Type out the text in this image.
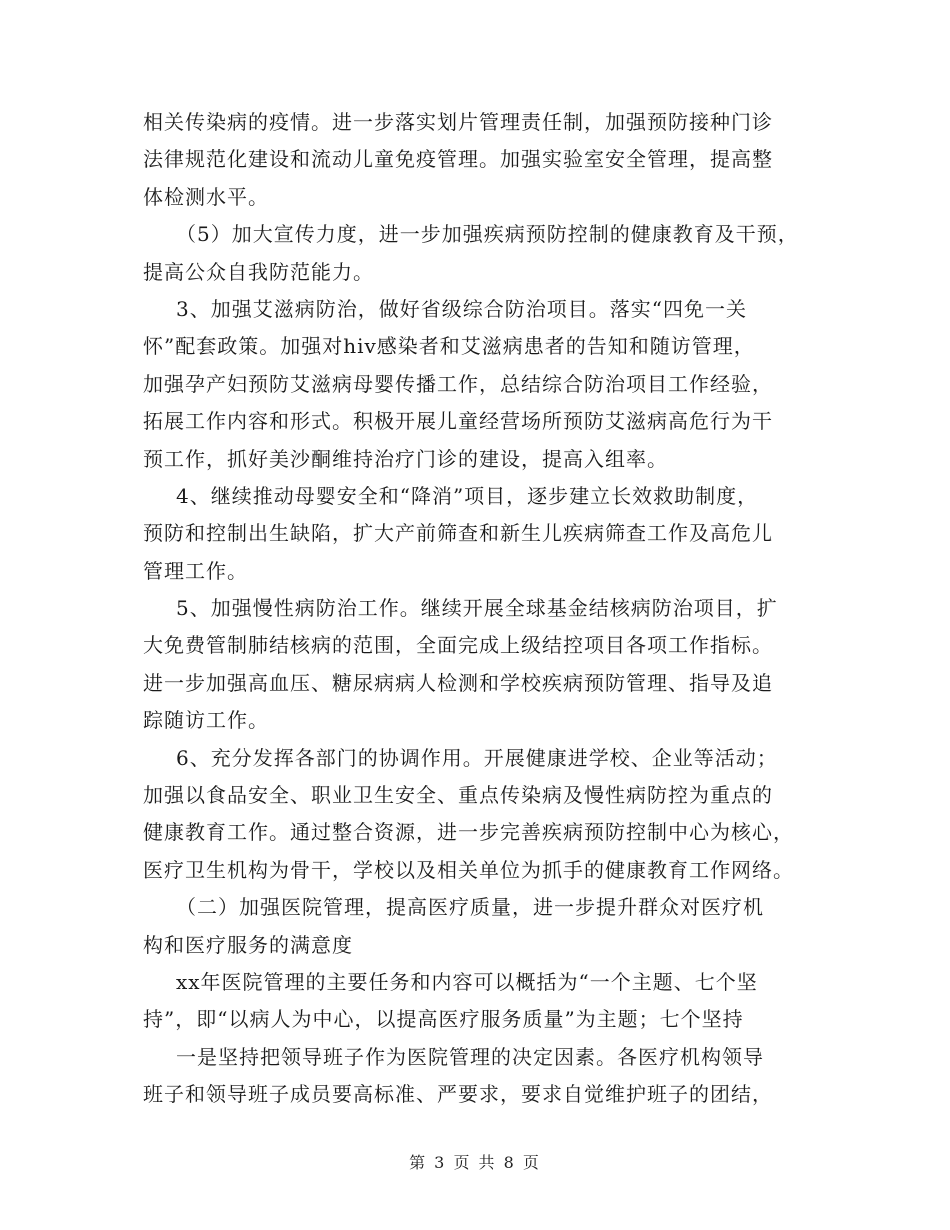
相关传染病的疫情。进一步落实划片管理责任制，加强预防接种门诊
法律规范化建设和流动儿童免疫管理。加强实验室安全管理，提高整
体检测水平。
（5）加大宣传力度，进一步加强疾病预防控制的健康教育及干预，
提高公众自我防范能力。
3、加强艾滋病防治，做好省级综合防治项目。落实“四免一关
怀”配套政策。加强对hiv感染者和艾滋病患者的告知和随访管理，
加强孕产妇预防艾滋病母婴传播工作，总结综合防治项目工作经验，
拓展工作内容和形式。积极开展儿童经营场所预防艾滋病高危行为干
预工作，抓好美沙酮维持治疗门诊的建设，提高入组率。
4、继续推动母婴安全和“降消”项目，逐步建立长效救助制度，
预防和控制出生缺陷，扩大产前筛查和新生儿疾病筛查工作及高危儿
管理工作。
5、加强慢性病防治工作。继续开展全球基金结核病防治项目，扩
大免费管制肺结核病的范围，全面完成上级结控项目各项工作指标。
进一步加强高血压、糖尿病病人检测和学校疾病预防管理、指导及追
踪随访工作。
6、充分发挥各部门的协调作用。开展健康进学校、企业等活动；
加强以食品安全、职业卫生安全、重点传染病及慢性病防控为重点的
健康教育工作。通过整合资源，进一步完善疾病预防控制中心为核心，
医疗卫生机构为骨干，学校以及相关单位为抓手的健康教育工作网络。
（二）加强医院管理，提高医疗质量，进一步提升群众对医疗机
构和医疗服务的满意度
xx年医院管理的主要任务和内容可以概括为“一个主题、七个坚
持”，即“以病人为中心，以提高医疗服务质量”为主题；七个坚持
一是坚持把领导班子作为医院管理的决定因素。各医疗机构领导
班子和领导班子成员要高标准、严要求，要求自觉维护班子的团结，
第 3 页 共 8 页
